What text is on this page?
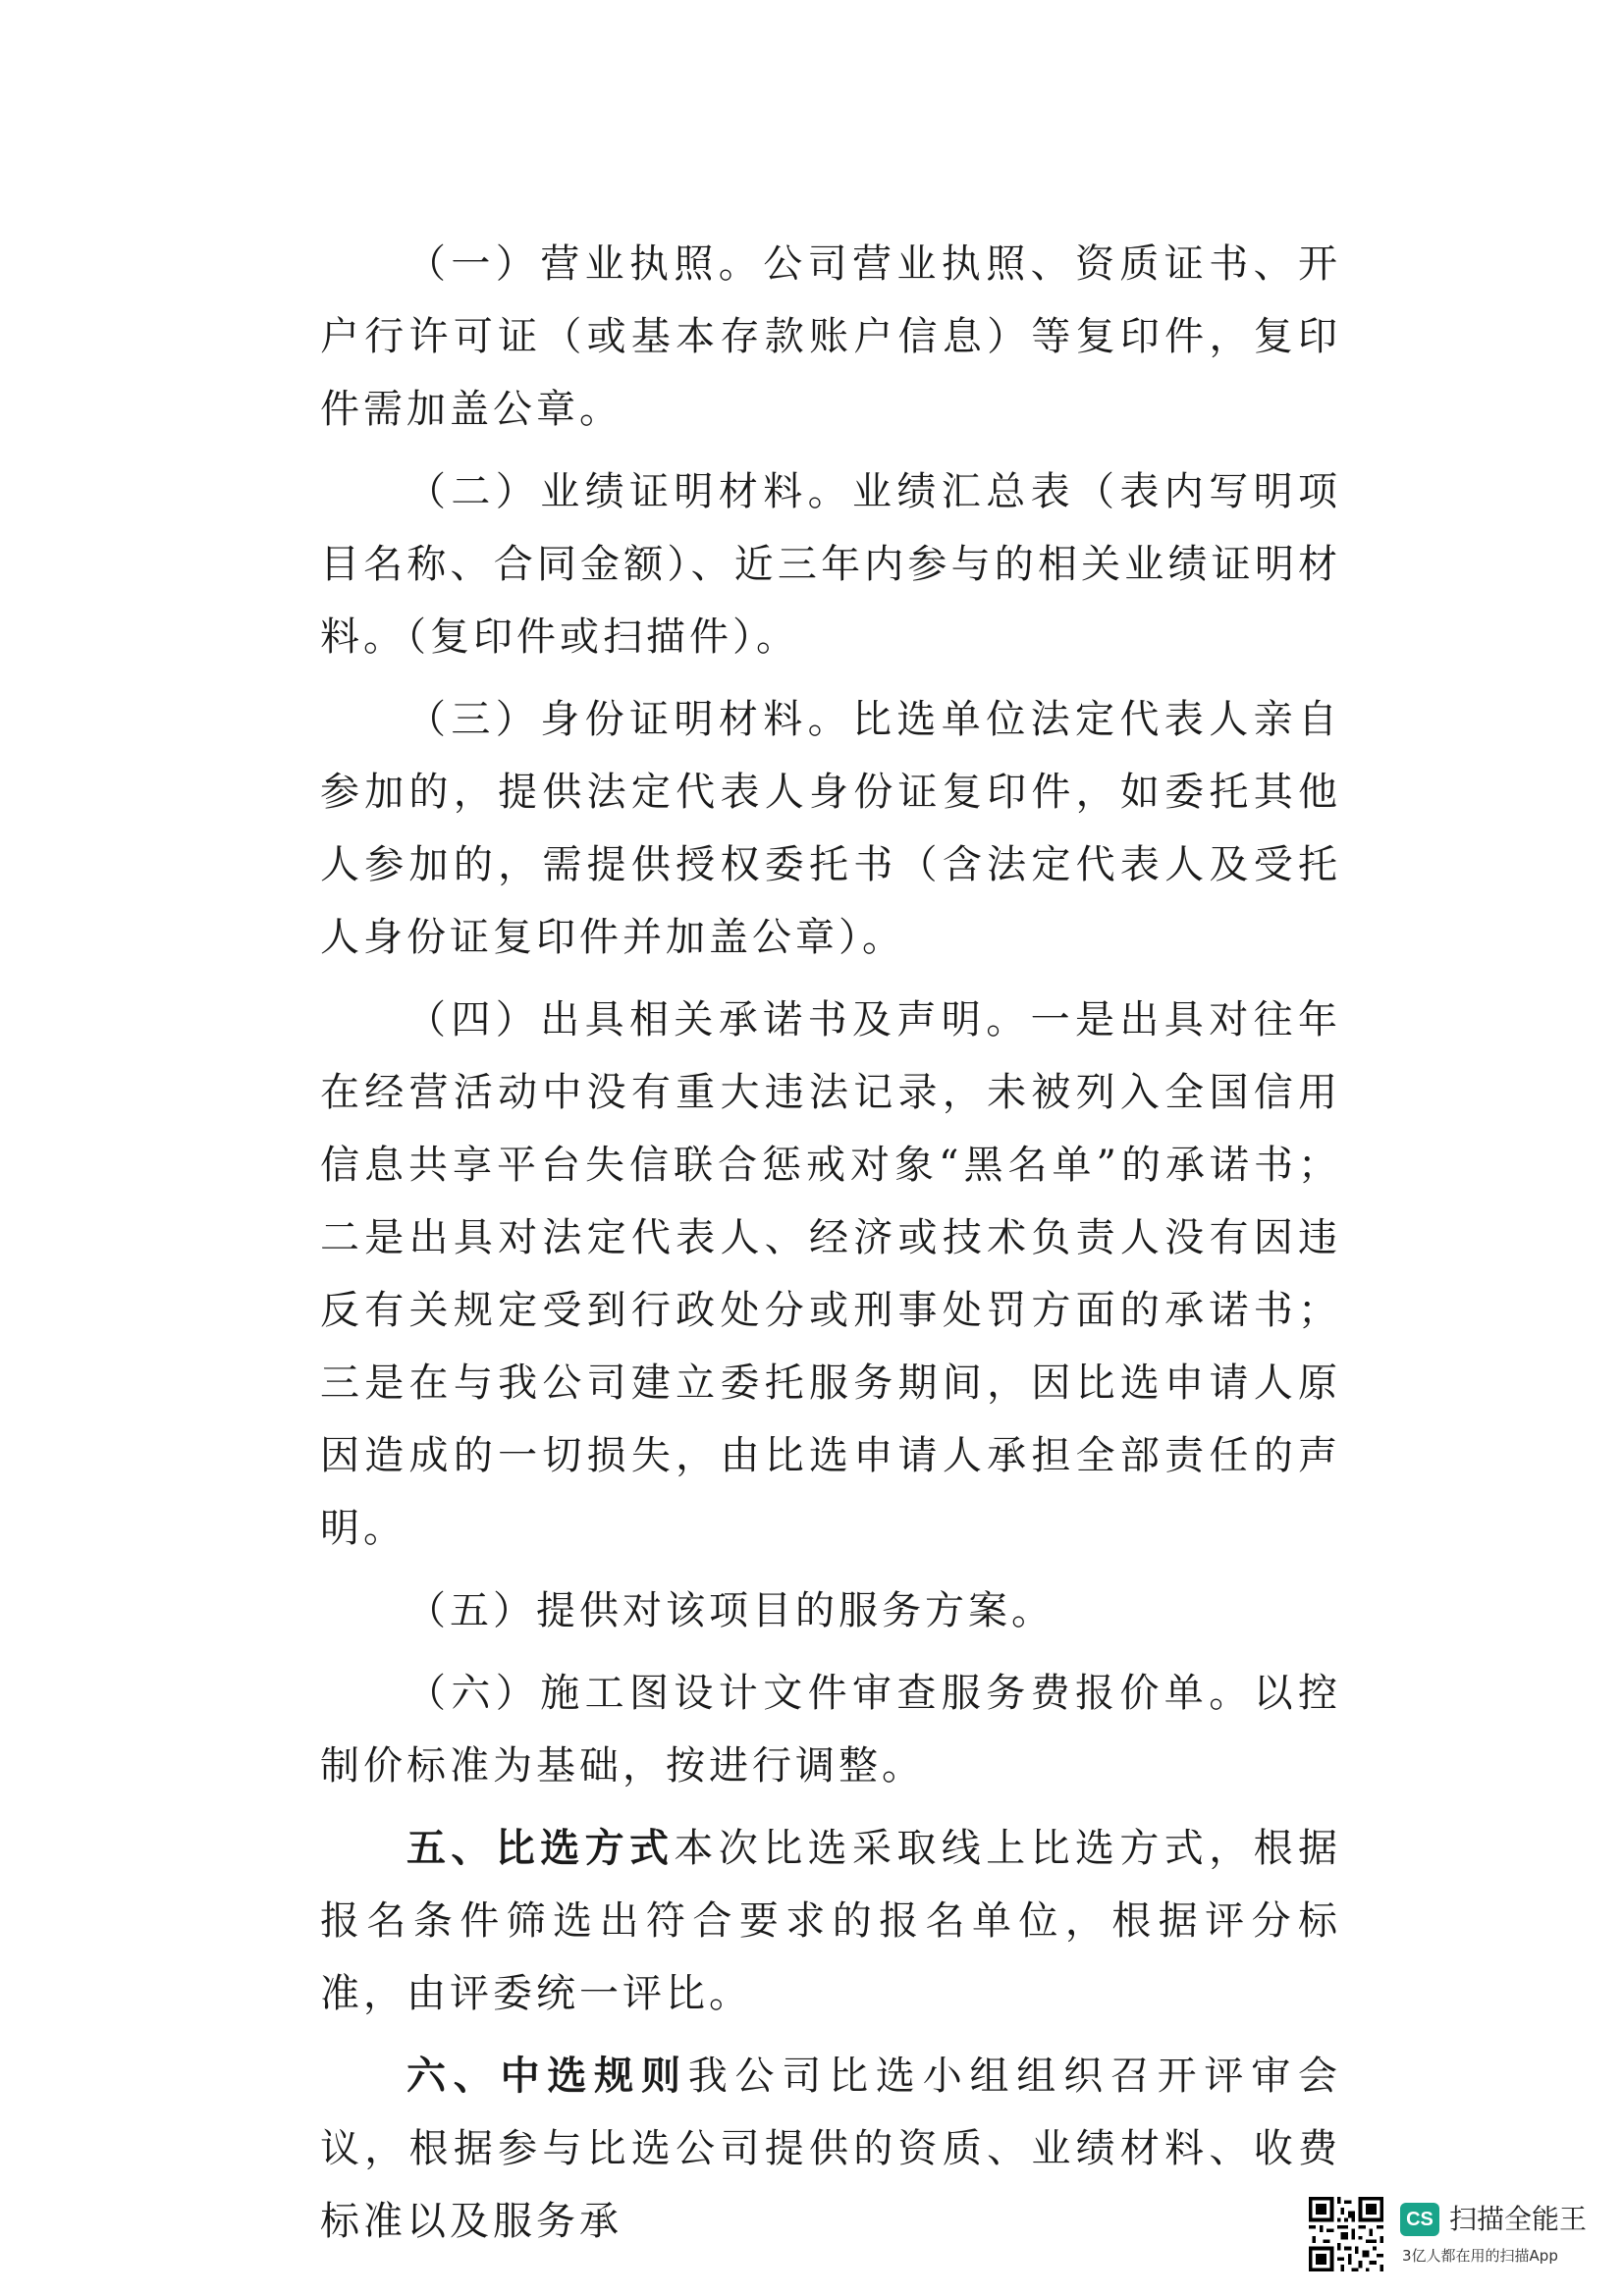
（一）营业执照。公司营业执照、资质证书、开户行许可证（或基本存款账户信息）等复印件，复印件需加盖公章。

（二）业绩证明材料。业绩汇总表（表内写明项目名称、合同金额）、近三年内参与的相关业绩证明材料。（复印件或扫描件）。

（三）身份证明材料。比选单位法定代表人亲自参加的，提供法定代表人身份证复印件，如委托其他人参加的，需提供授权委托书（含法定代表人及受托人身份证复印件并加盖公章）。

（四）出具相关承诺书及声明。一是出具对往年在经营活动中没有重大违法记录，未被列入全国信用信息共享平台失信联合惩戒对象“黑名单”的承诺书；二是出具对法定代表人、经济或技术负责人没有因违反有关规定受到行政处分或刑事处罚方面的承诺书；三是在与我公司建立委托服务期间，因比选申请人原因造成的一切损失，由比选申请人承担全部责任的声明。

（五）提供对该项目的服务方案。

（六）施工图设计文件审查服务费报价单。以控制价标准为基础，按进行调整。

五、比选方式本次比选采取线上比选方式，根据报名条件筛选出符合要求的报名单位，根据评分标准，由评委统一评比。

六、中选规则我公司比选小组组织召开评审会议，根据参与比选公司提供的资质、业绩材料、收费标准以及服务承	CS 扫描全能王
3亿人都在用的扫描App
